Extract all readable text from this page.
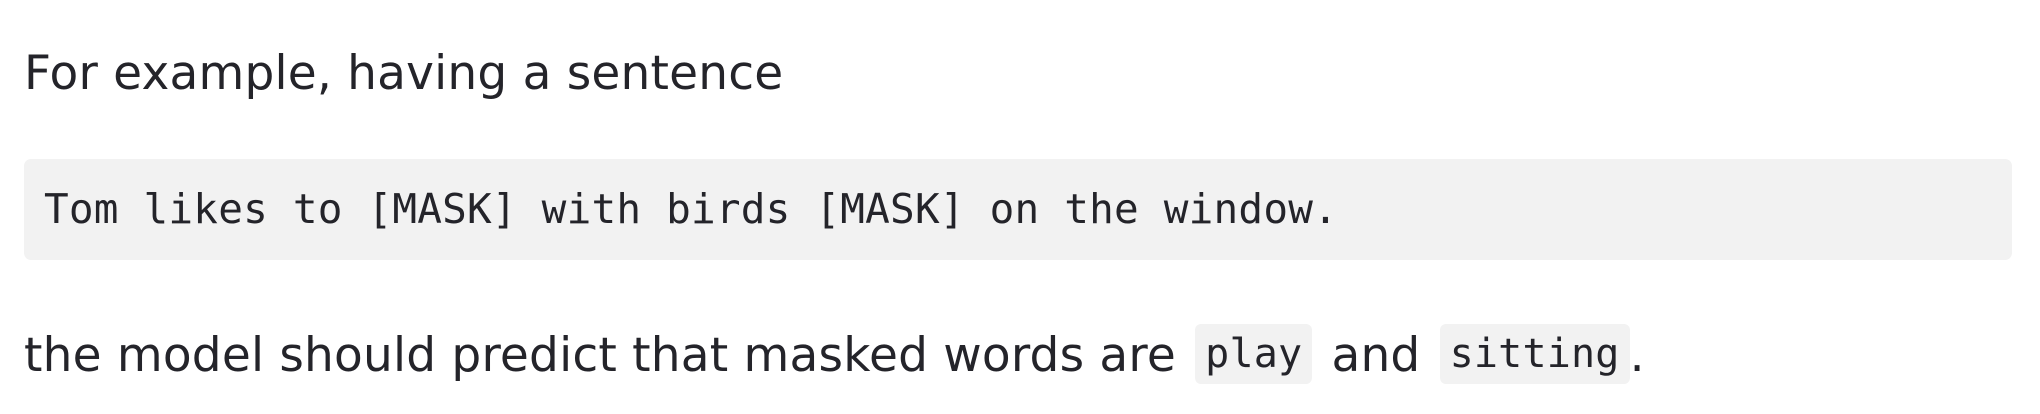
For example, having a sentence

Tom likes to [MASK] with birds [MASK] on the window.

the model should predict that masked words are play and sitting .
